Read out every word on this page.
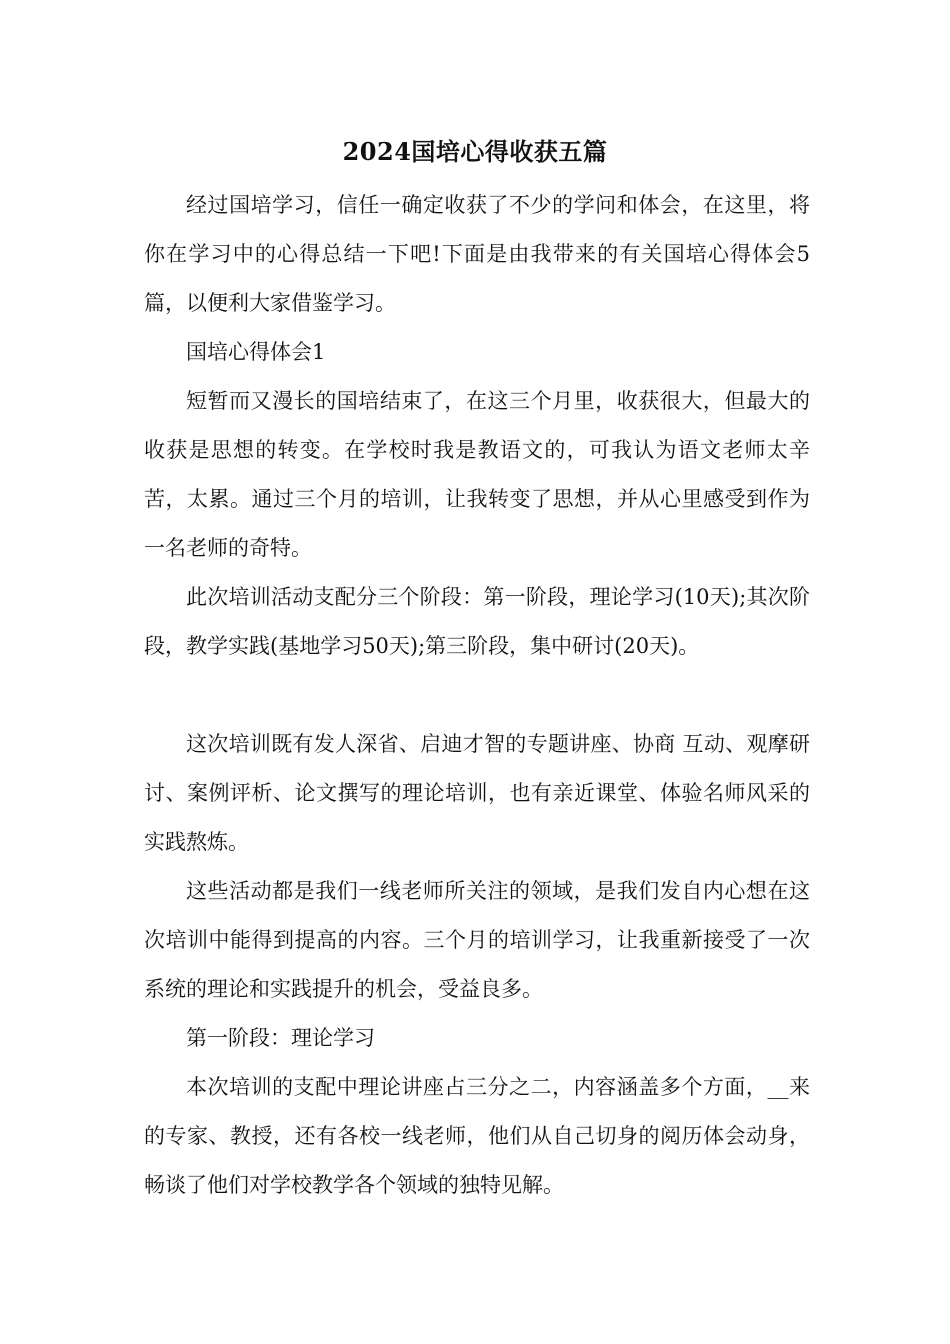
2024国培心得收获五篇

经过国培学习，信任一确定收获了不少的学问和体会，在这里，将你在学习中的心得总结一下吧!下面是由我带来的有关国培心得体会5篇，以便利大家借鉴学习。

国培心得体会1

短暂而又漫长的国培结束了，在这三个月里，收获很大，但最大的收获是思想的转变。在学校时我是教语文的，可我认为语文老师太辛苦，太累。通过三个月的培训，让我转变了思想，并从心里感受到作为一名老师的奇特。

此次培训活动支配分三个阶段：第一阶段，理论学习(10天);其次阶段，教学实践(基地学习50天);第三阶段，集中研讨(20天)。

这次培训既有发人深省、启迪才智的专题讲座、协商 互动、观摩研讨、案例评析、论文撰写的理论培训，也有亲近课堂、体验名师风采的实践熬炼。

这些活动都是我们一线老师所关注的领域，是我们发自内心想在这次培训中能得到提高的内容。三个月的培训学习，让我重新接受了一次系统的理论和实践提升的机会，受益良多。

第一阶段：理论学习

本次培训的支配中理论讲座占三分之二，内容涵盖多个方面，__来的专家、教授，还有各校一线老师，他们从自己切身的阅历体会动身，畅谈了他们对学校教学各个领域的独特见解。
